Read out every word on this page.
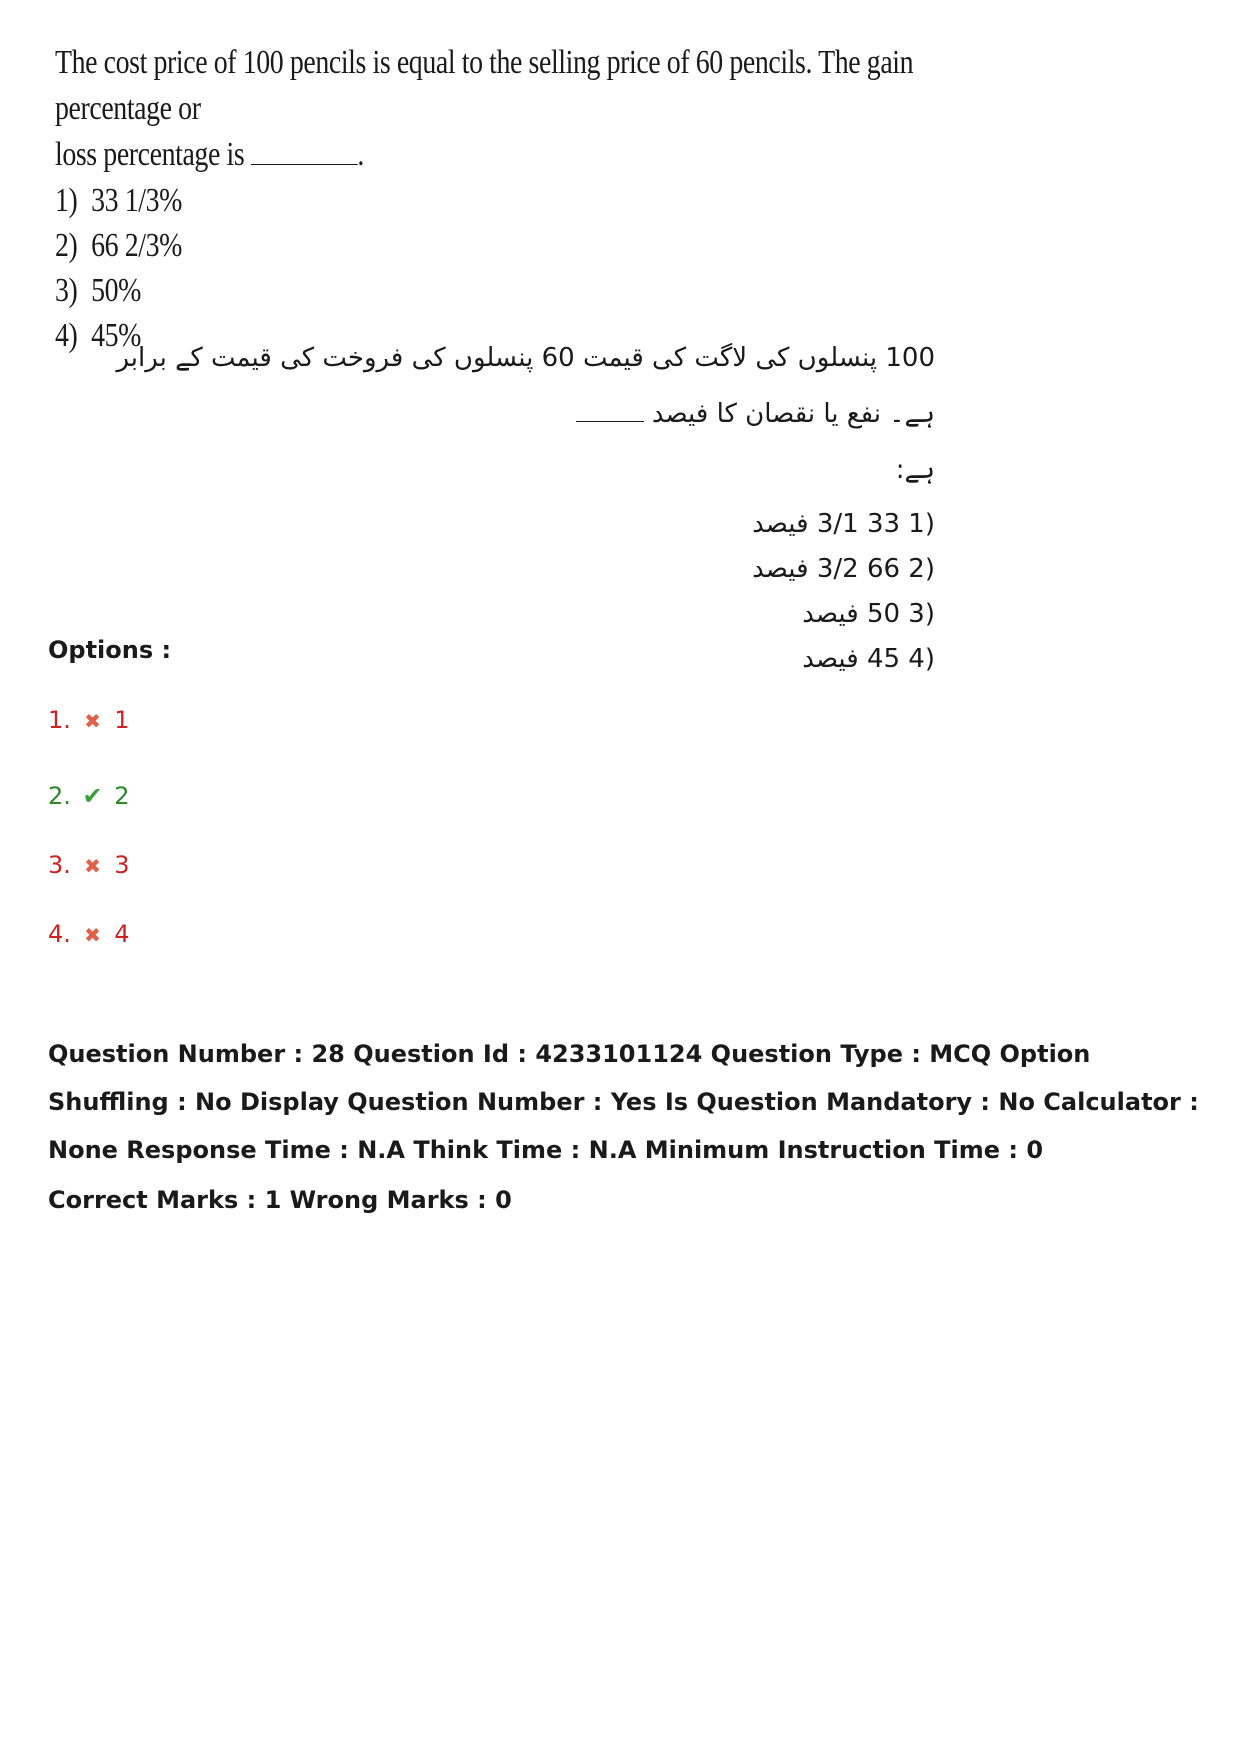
The cost price of 100 pencils is equal to the selling price of 60 pencils. The gain percentage or
loss percentage is	.
1) 33 1/3%
2) 66 2/3%
3) 50%
4) 45%
100 پنسلوں کی لاگت کی قیمت 60 پنسلوں کی فروخت کی قیمت کے برابر ہے۔ نفع یا نقصان کا فیصد
ہے:
(1 33 3/1 فیصد
(2 66 3/2 فیصد
(3 50 فیصد
(4 45 فیصد
Options :
1. ✖ 1
2. ✔ 2
3. ✖ 3
4. ✖ 4
Question Number : 28 Question Id : 4233101124 Question Type : MCQ Option Shuffling : No Display Question Number : Yes Is Question Mandatory : No Calculator : None Response Time : N.A Think Time : N.A Minimum Instruction Time : 0
Correct Marks : 1 Wrong Marks : 0
